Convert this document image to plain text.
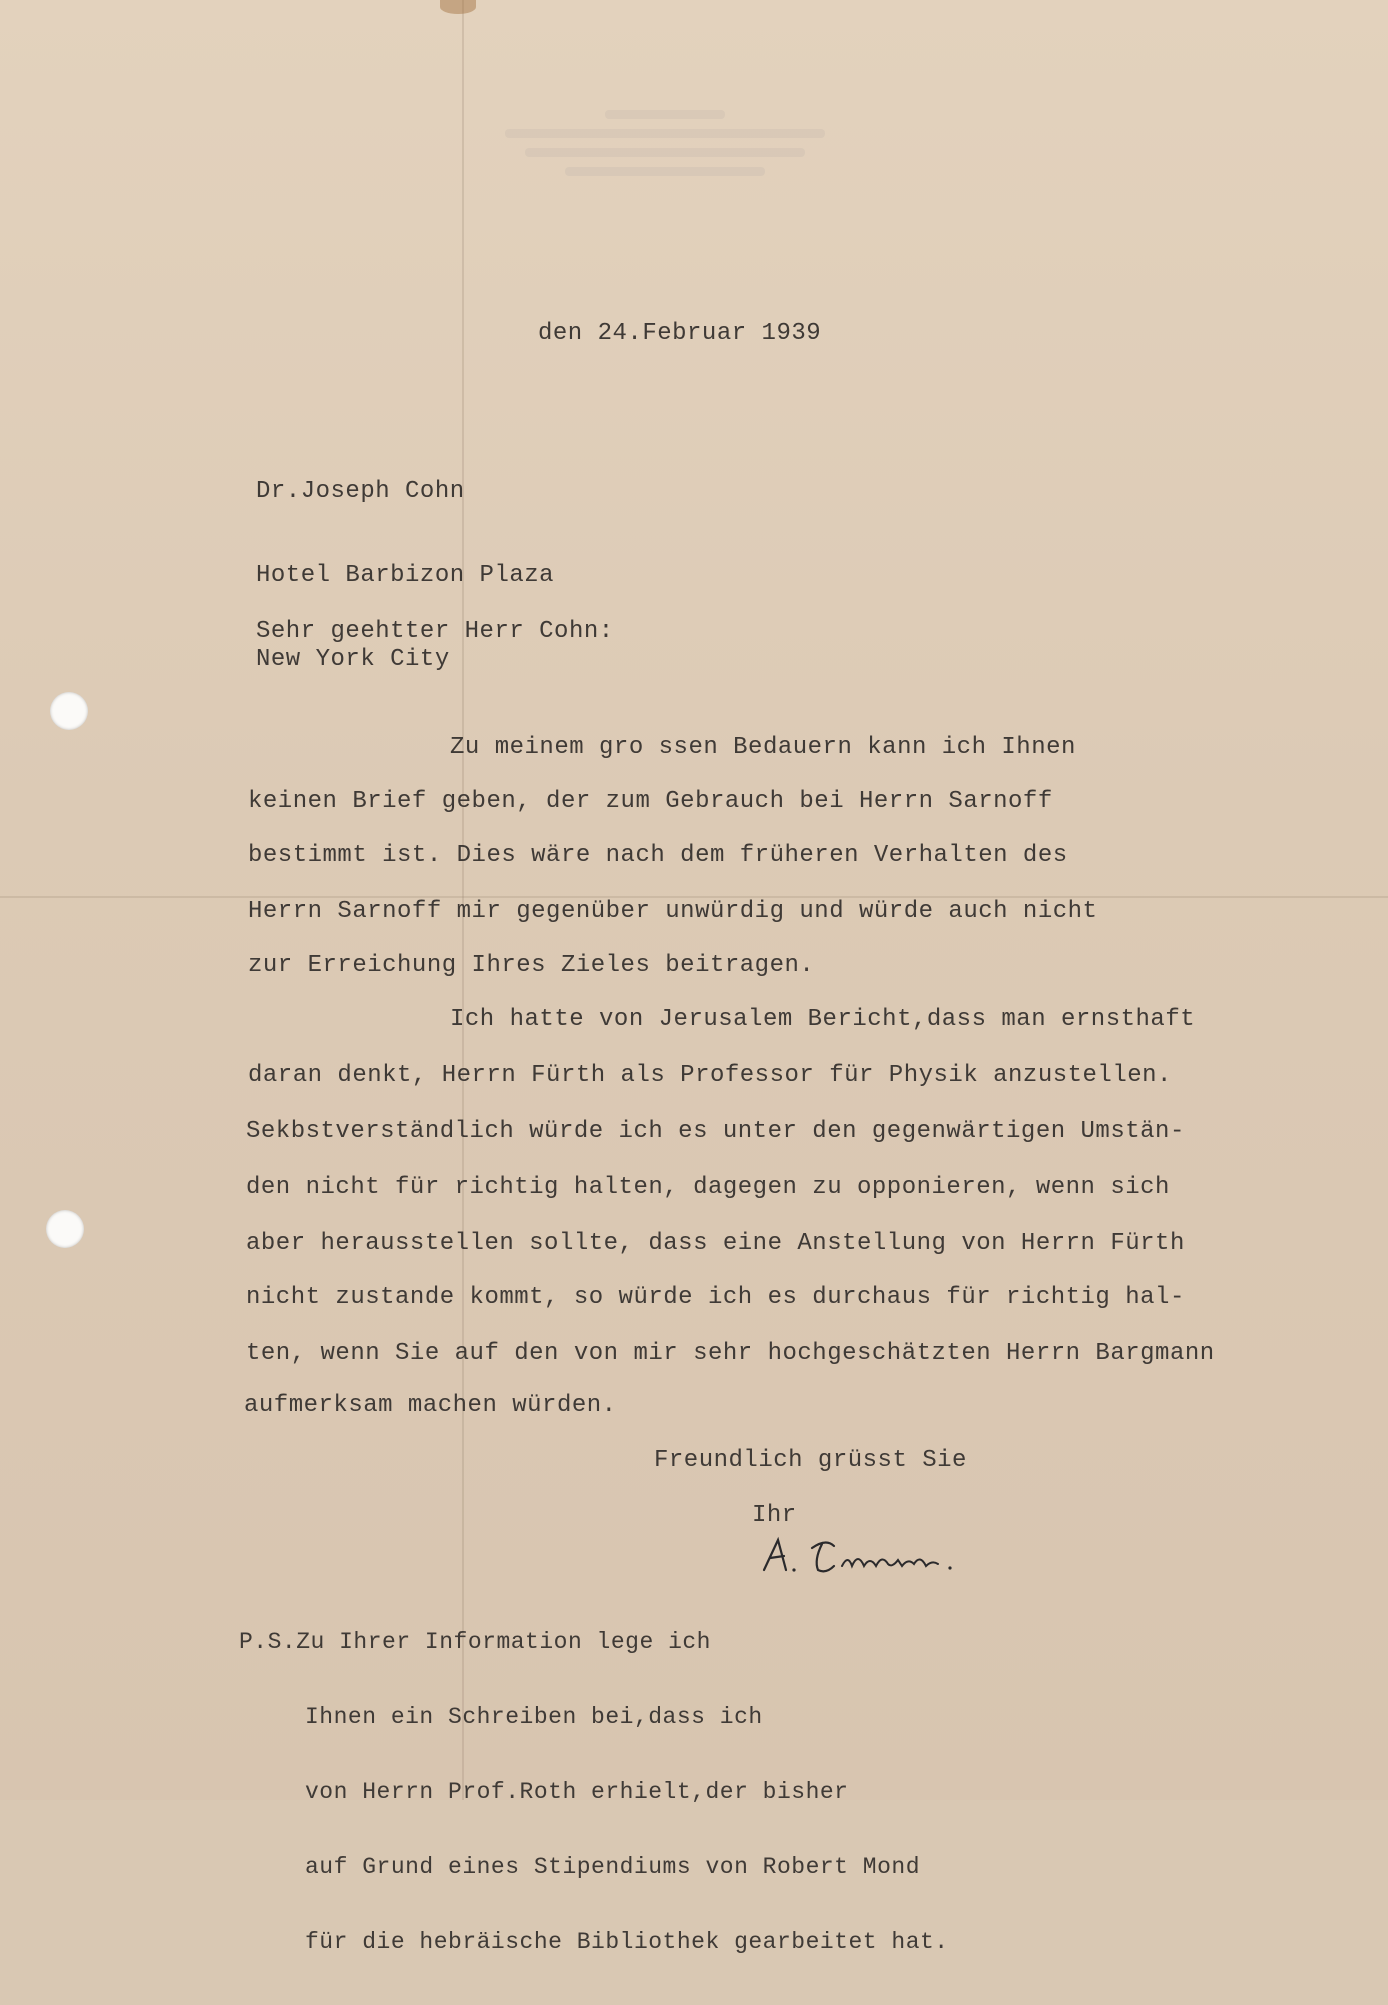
den 24.Februar 1939

Dr.Joseph Cohn

Hotel Barbizon Plaza

New York City

Sehr geehtter Herr Cohn:

Zu meinem gro ssen Bedauern kann ich Ihnen

keinen Brief geben, der zum Gebrauch bei Herrn Sarnoff

bestimmt ist. Dies wäre nach dem früheren Verhalten des

Herrn Sarnoff mir gegenüber unwürdig und würde auch nicht

zur Erreichung Ihres Zieles beitragen.

Ich hatte von Jerusalem Bericht,dass man ernsthaft

daran denkt, Herrn Fürth als Professor für Physik anzustellen.

Sekbstverständlich würde ich es unter den gegenwärtigen Umstän-

den nicht für richtig halten, dagegen zu opponieren, wenn sich

aber herausstellen sollte, dass eine Anstellung von Herrn Fürth

nicht zustande kommt, so würde ich es durchaus für richtig hal-

ten, wenn Sie auf den von mir sehr hochgeschätzten Herrn Bargmann

aufmerksam machen würden.

Freundlich grüsst Sie
Ihr

P.S.Zu Ihrer Information lege ich

Ihnen ein Schreiben bei,dass ich

von Herrn Prof.Roth erhielt,der bisher

auf Grund eines Stipendiums von Robert Mond

für die hebräische Bibliothek gearbeitet hat.
